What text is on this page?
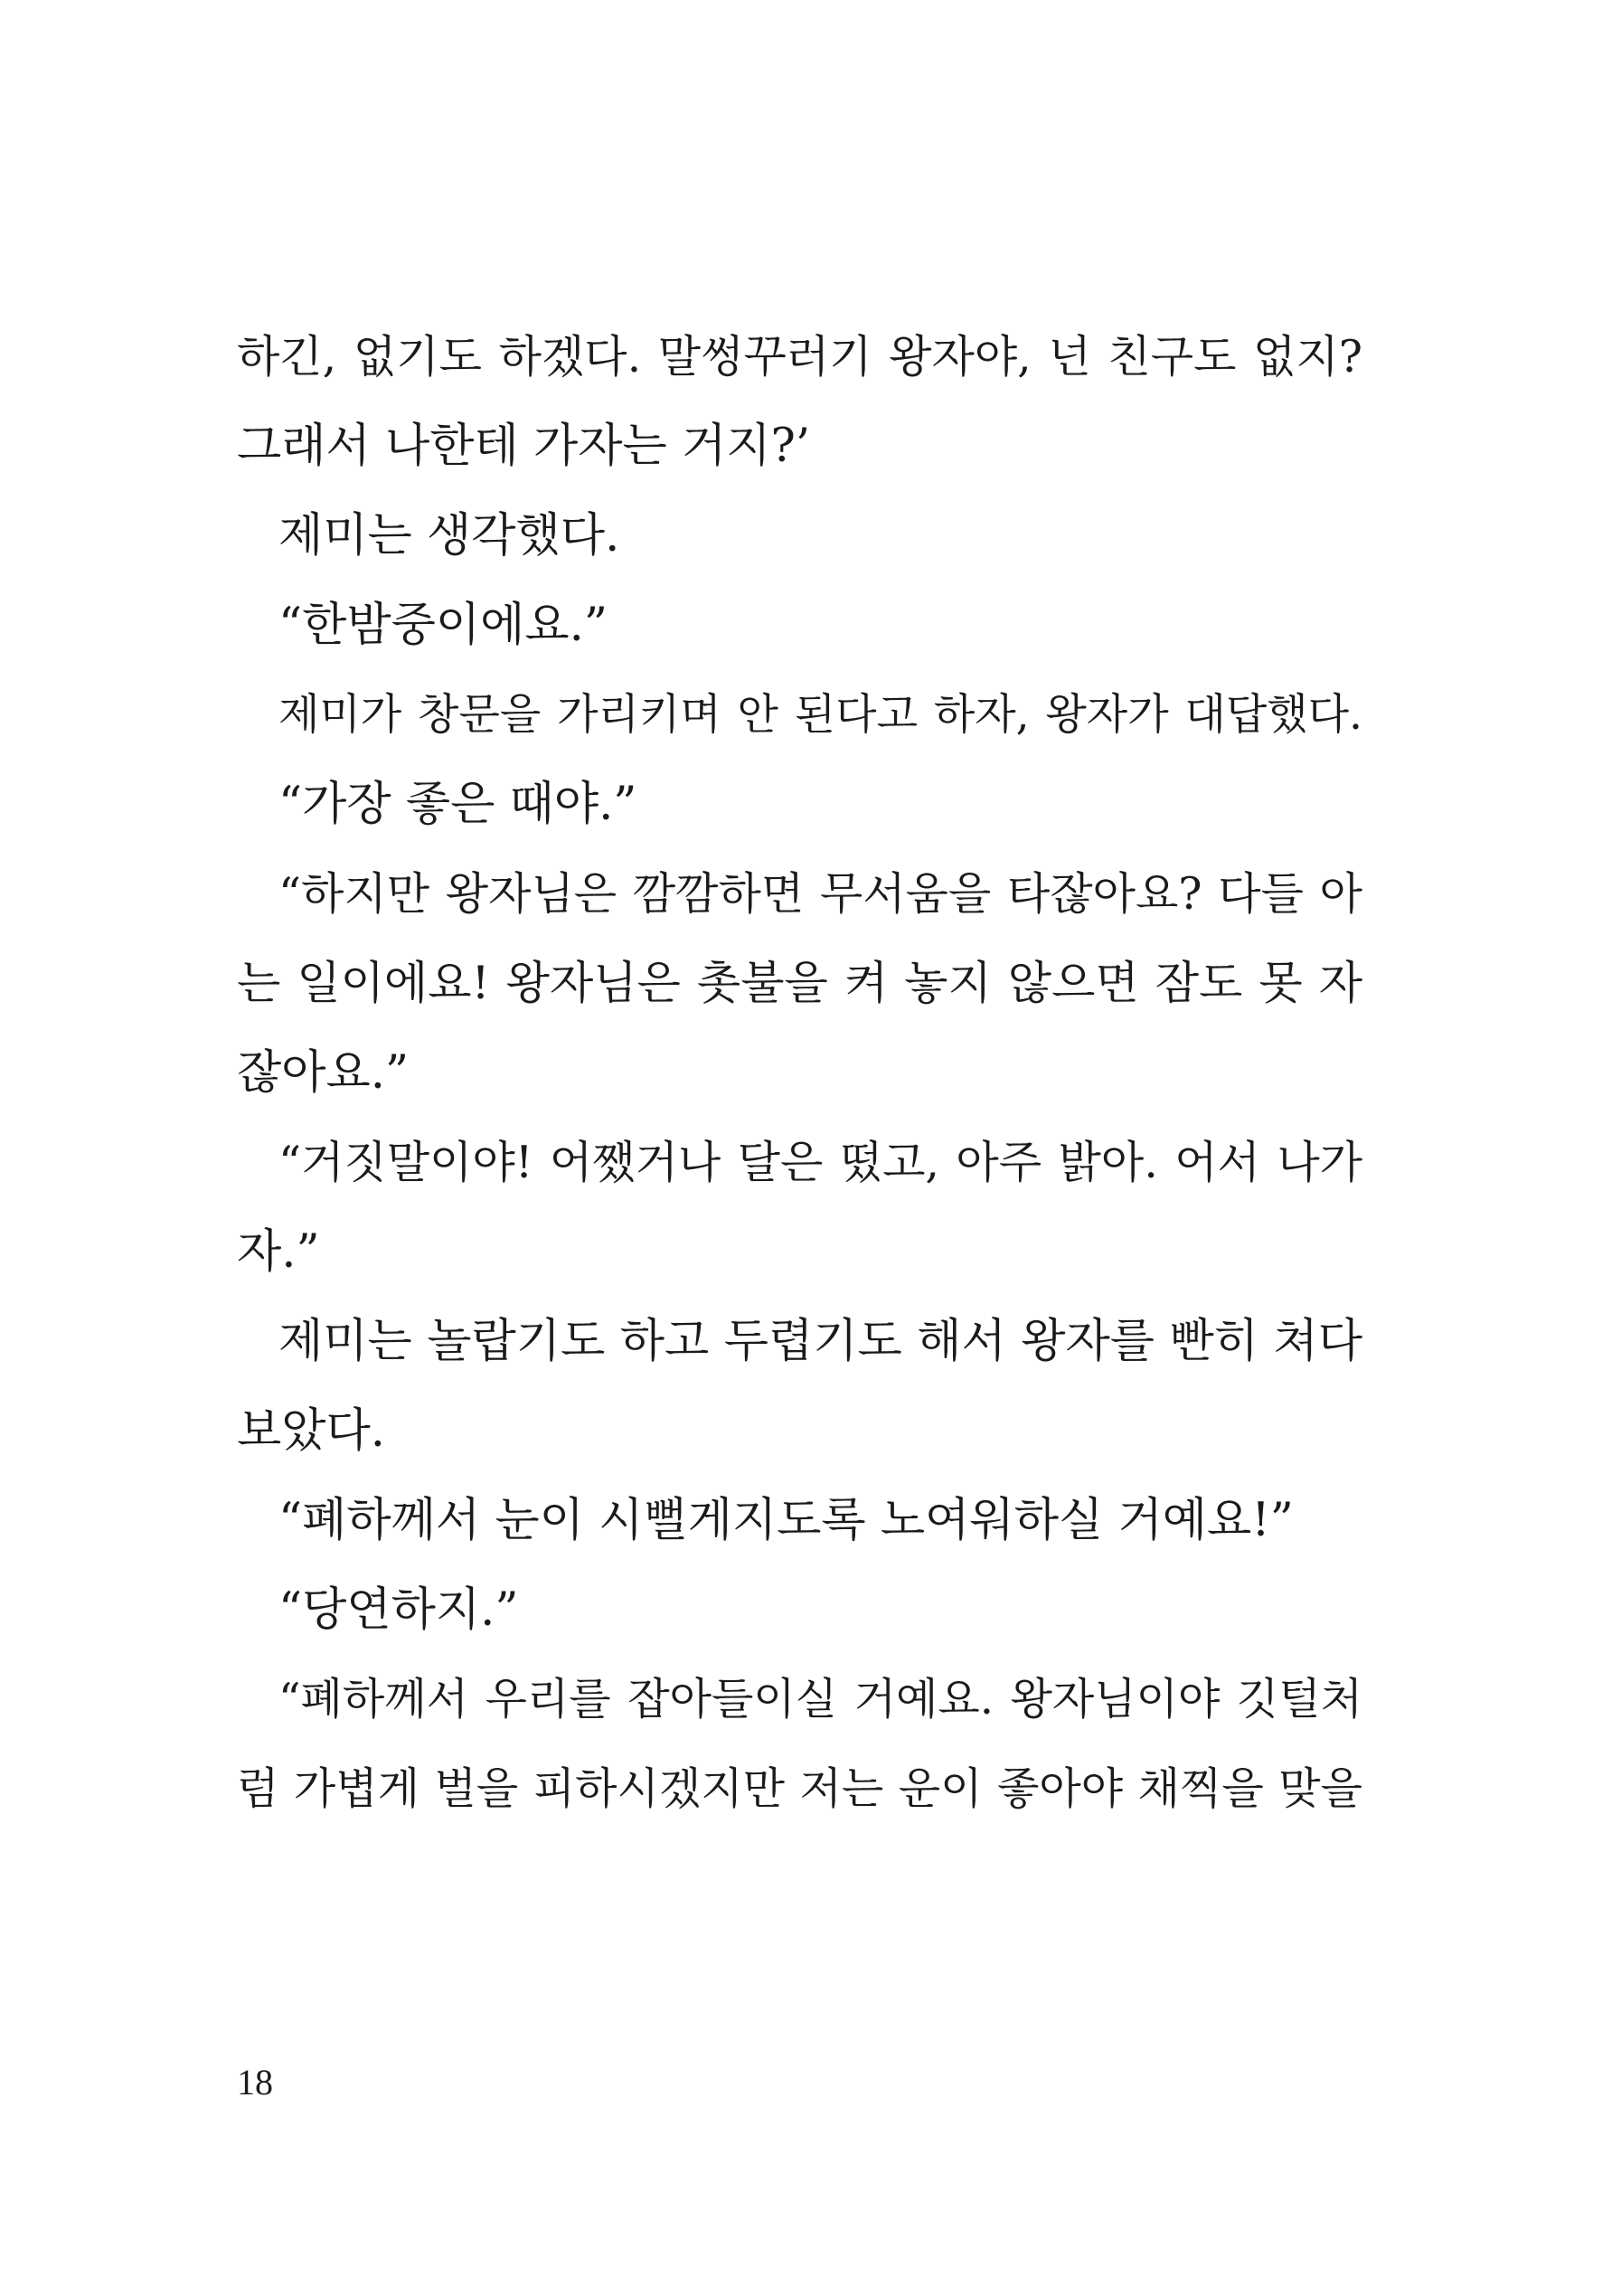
하긴, 없기도 하겠다. 말썽꾸러기 왕자야, 넌 친구도 없지?
그래서 나한테 가자는 거지?’
제미는 생각했다.
“한밤중이에요.”
제미가 창문을 가리키며 안 된다고 하자, 왕자가 대답했다.
“가장 좋은 때야.”
“하지만 왕자님은 깜깜하면 무서움을 타잖아요? 다들 아
는 일이에요! 왕자님은 촛불을 켜 놓지 않으면 잠도 못 자
잖아요.”
“거짓말이야! 어쨌거나 달은 떴고, 아주 밝아. 어서 나가
자.”
제미는 놀랍기도 하고 두렵기도 해서 왕자를 빤히 쳐다
보았다.
“폐하께서 눈이 시뻘게지도록 노여워하실 거예요!”
“당연하지.”
“폐하께서 우리를 잡아들이실 거예요. 왕자님이야 깃털처
럼 가볍게 벌을 피하시겠지만 저는 운이 좋아야 채찍을 맞을
18
